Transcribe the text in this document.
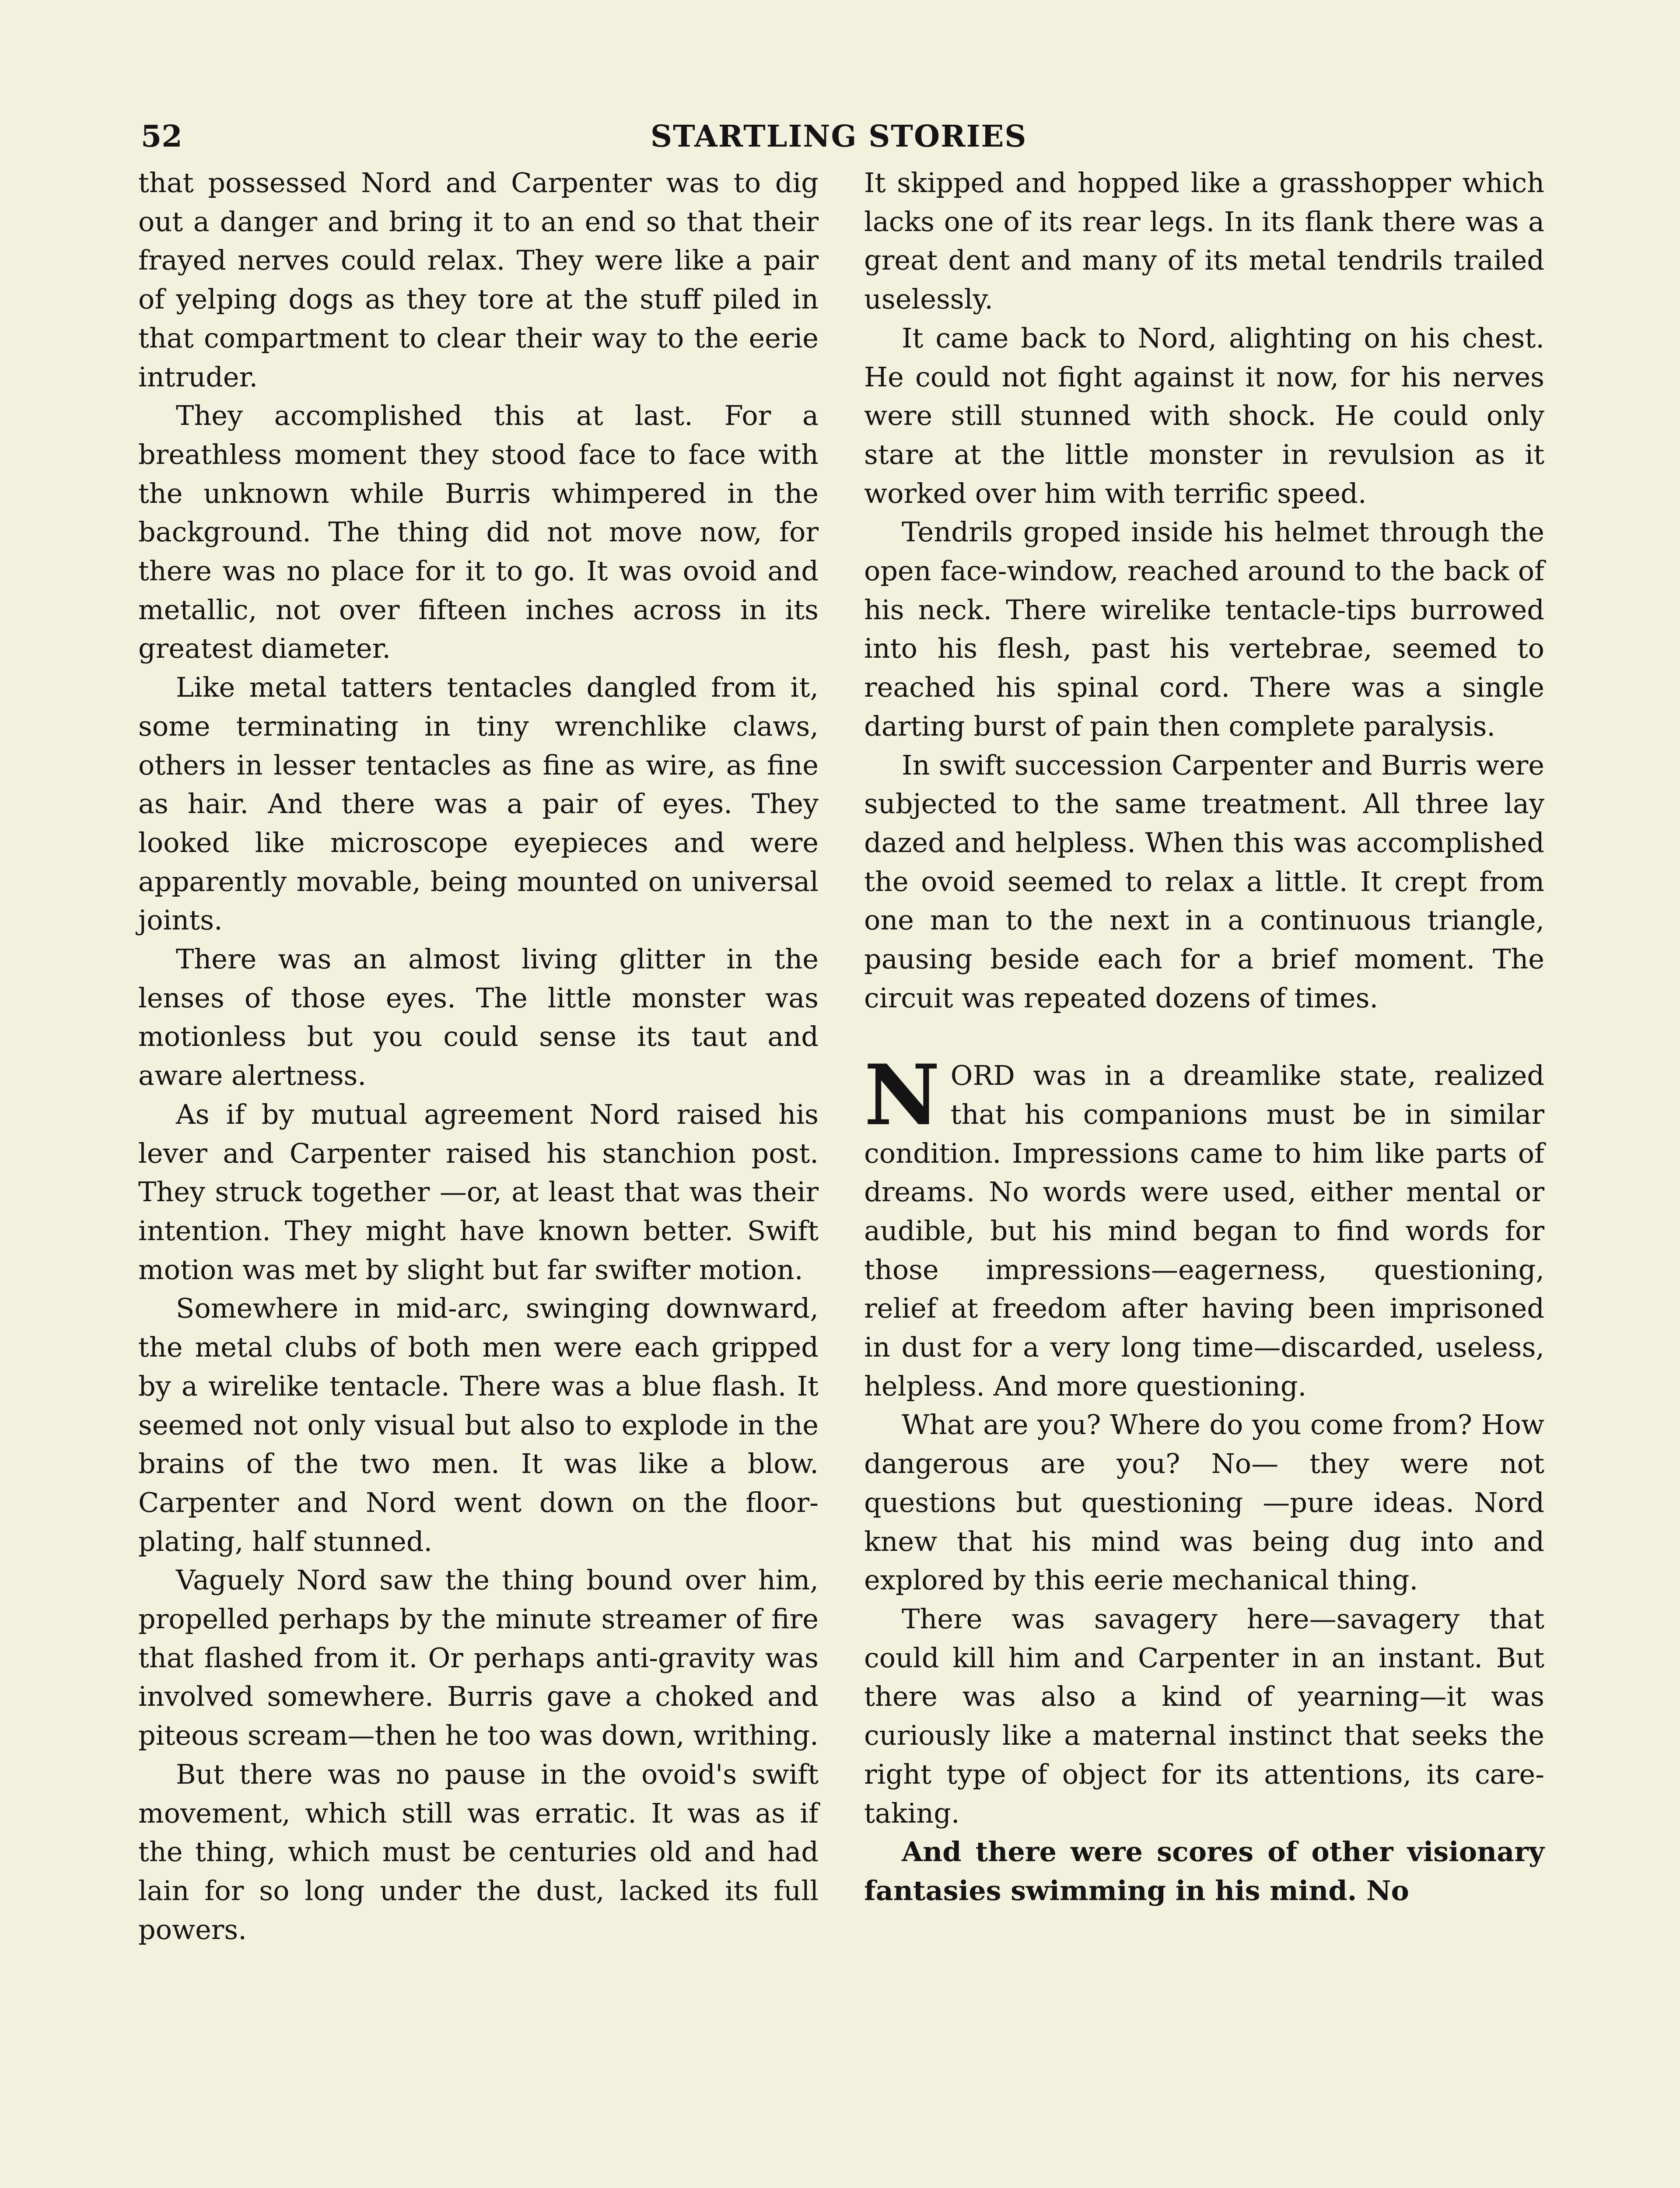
52	STARTLING STORIES

that possessed Nord and Carpenter was to dig out a danger and bring it to an end so that their frayed nerves could relax. They were like a pair of yelping dogs as they tore at the stuff piled in that compartment to clear their way to the eerie intruder.

They accomplished this at last. For a breathless moment they stood face to face with the unknown while Burris whimpered in the background. The thing did not move now, for there was no place for it to go. It was ovoid and metallic, not over fifteen inches across in its greatest diameter.

Like metal tatters tentacles dangled from it, some terminating in tiny wrenchlike claws, others in lesser tentacles as fine as wire, as fine as hair. And there was a pair of eyes. They looked like microscope eyepieces and were apparently movable, being mounted on universal joints.

There was an almost living glitter in the lenses of those eyes. The little monster was motionless but you could sense its taut and aware alertness.

As if by mutual agreement Nord raised his lever and Carpenter raised his stanchion post. They struck together —or, at least that was their intention. They might have known better. Swift motion was met by slight but far swifter motion.

Somewhere in mid-arc, swinging downward, the metal clubs of both men were each gripped by a wirelike tentacle. There was a blue flash. It seemed not only visual but also to explode in the brains of the two men. It was like a blow. Carpenter and Nord went down on the floor-plating, half stunned.

Vaguely Nord saw the thing bound over him, propelled perhaps by the minute streamer of fire that flashed from it. Or perhaps anti-gravity was involved somewhere. Burris gave a choked and piteous scream—then he too was down, writhing.

But there was no pause in the ovoid's swift movement, which still was erratic. It was as if the thing, which must be centuries old and had lain for so long under the dust, lacked its full powers.

It skipped and hopped like a grasshopper which lacks one of its rear legs. In its flank there was a great dent and many of its metal tendrils trailed uselessly.

It came back to Nord, alighting on his chest. He could not fight against it now, for his nerves were still stunned with shock. He could only stare at the little monster in revulsion as it worked over him with terrific speed.

Tendrils groped inside his helmet through the open face-window, reached around to the back of his neck. There wirelike tentacle-tips burrowed into his flesh, past his vertebrae, seemed to reached his spinal cord. There was a single darting burst of pain then complete paralysis.

In swift succession Carpenter and Burris were subjected to the same treatment. All three lay dazed and helpless. When this was accomplished the ovoid seemed to relax a little. It crept from one man to the next in a continuous triangle, pausing beside each for a brief moment. The circuit was repeated dozens of times.

NORD was in a dreamlike state, realized that his companions must be in similar condition. Impressions came to him like parts of dreams. No words were used, either mental or audible, but his mind began to find words for those impressions—eagerness, questioning, relief at freedom after having been imprisoned in dust for a very long time—discarded, useless, helpless. And more questioning.

What are you? Where do you come from? How dangerous are you? No— they were not questions but questioning —pure ideas. Nord knew that his mind was being dug into and explored by this eerie mechanical thing.

There was savagery here—savagery that could kill him and Carpenter in an instant. But there was also a kind of yearning—it was curiously like a maternal instinct that seeks the right type of object for its attentions, its care-taking.

And there were scores of other visionary fantasies swimming in his mind. No
